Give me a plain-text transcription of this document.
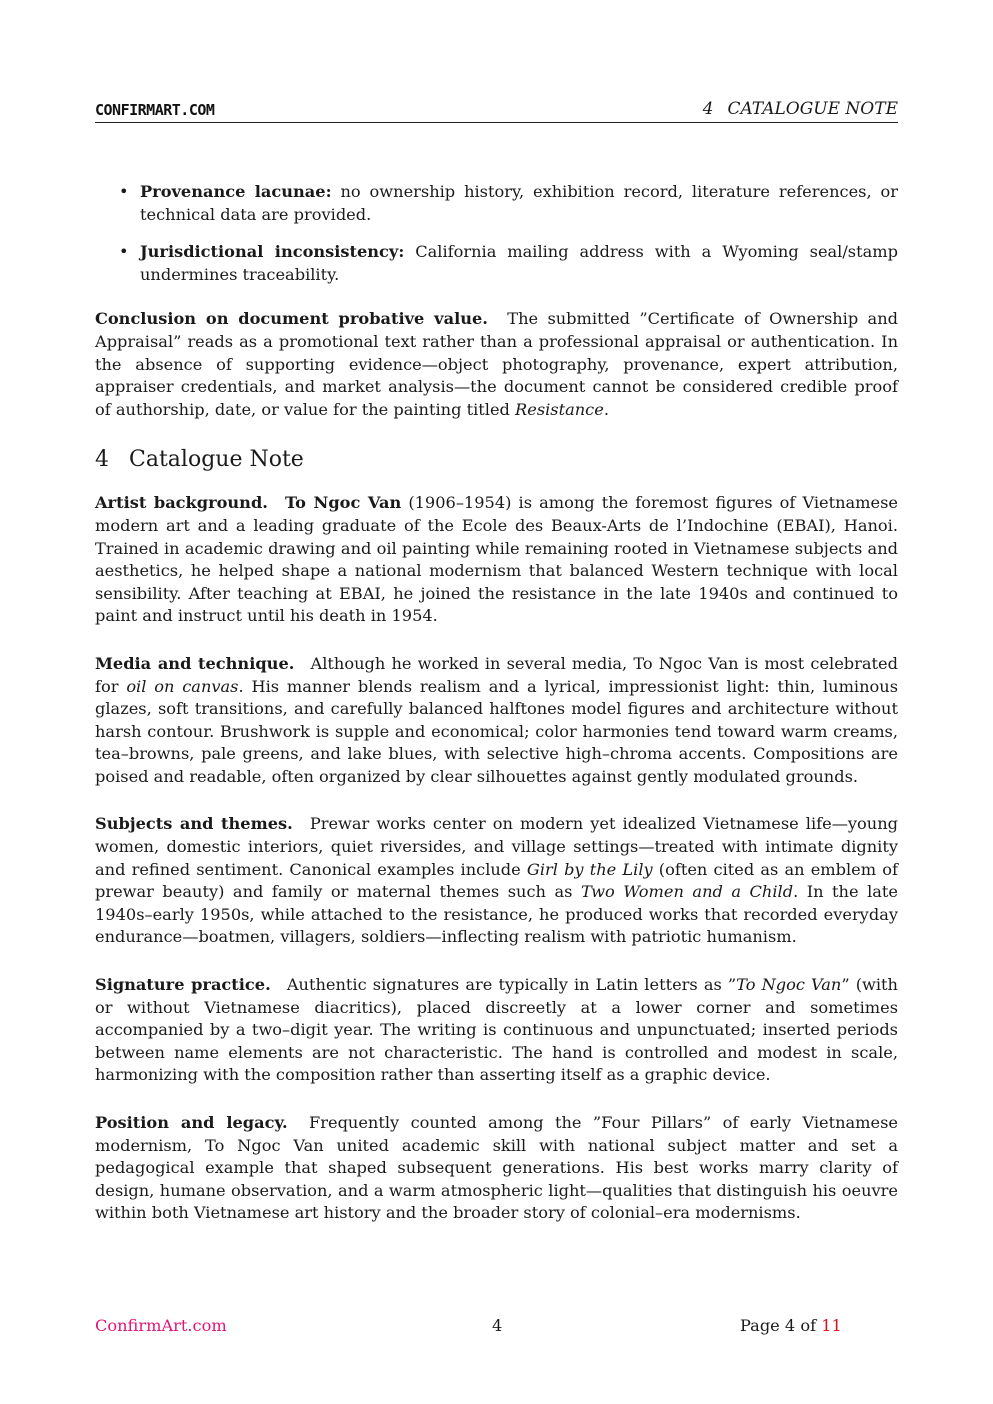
CONFIRMART.COM	4 CATALOGUE NOTE
• Provenance lacunae: no ownership history, exhibition record, literature references, or technical data are provided.
• Jurisdictional inconsistency: California mailing address with a Wyoming seal/stamp undermines traceability.

Conclusion on document probative value. The submitted ”Certificate of Ownership and Appraisal” reads as a promotional text rather than a professional appraisal or authentication. In the absence of supporting evidence—object photography, provenance, expert attribution, appraiser credentials, and market analysis—the document cannot be considered credible proof of authorship, date, or value for the painting titled Resistance.

4 Catalogue Note

Artist background. To Ngoc Van (1906–1954) is among the foremost figures of Vietnamese modern art and a leading graduate of the Ecole des Beaux-Arts de l’Indochine (EBAI), Hanoi. Trained in academic drawing and oil painting while remaining rooted in Vietnamese subjects and aesthetics, he helped shape a national modernism that balanced Western technique with local sensibility. After teaching at EBAI, he joined the resistance in the late 1940s and continued to paint and instruct until his death in 1954.

Media and technique. Although he worked in several media, To Ngoc Van is most celebrated for oil on canvas. His manner blends realism and a lyrical, impressionist light: thin, luminous glazes, soft transitions, and carefully balanced halftones model figures and architecture without harsh contour. Brushwork is supple and economical; color harmonies tend toward warm creams, tea–browns, pale greens, and lake blues, with selective high–chroma accents. Compositions are poised and readable, often organized by clear silhouettes against gently modulated grounds.

Subjects and themes. Prewar works center on modern yet idealized Vietnamese life—young women, domestic interiors, quiet riversides, and village settings—treated with intimate dignity and refined sentiment. Canonical examples include Girl by the Lily (often cited as an emblem of prewar beauty) and family or maternal themes such as Two Women and a Child. In the late 1940s–early 1950s, while attached to the resistance, he produced works that recorded everyday endurance—boatmen, villagers, soldiers—inflecting realism with patriotic humanism.

Signature practice. Authentic signatures are typically in Latin letters as ”To Ngoc Van” (with or without Vietnamese diacritics), placed discreetly at a lower corner and sometimes accompanied by a two–digit year. The writing is continuous and unpunctuated; inserted periods between name elements are not characteristic. The hand is controlled and modest in scale, harmonizing with the composition rather than asserting itself as a graphic device.

Position and legacy. Frequently counted among the ”Four Pillars” of early Vietnamese modernism, To Ngoc Van united academic skill with national subject matter and set a pedagogical example that shaped subsequent generations. His best works marry clarity of design, humane observation, and a warm atmospheric light—qualities that distinguish his oeuvre within both Vietnamese art history and the broader story of colonial–era modernisms.

ConfirmArt.com	4	Page 4 of 11
